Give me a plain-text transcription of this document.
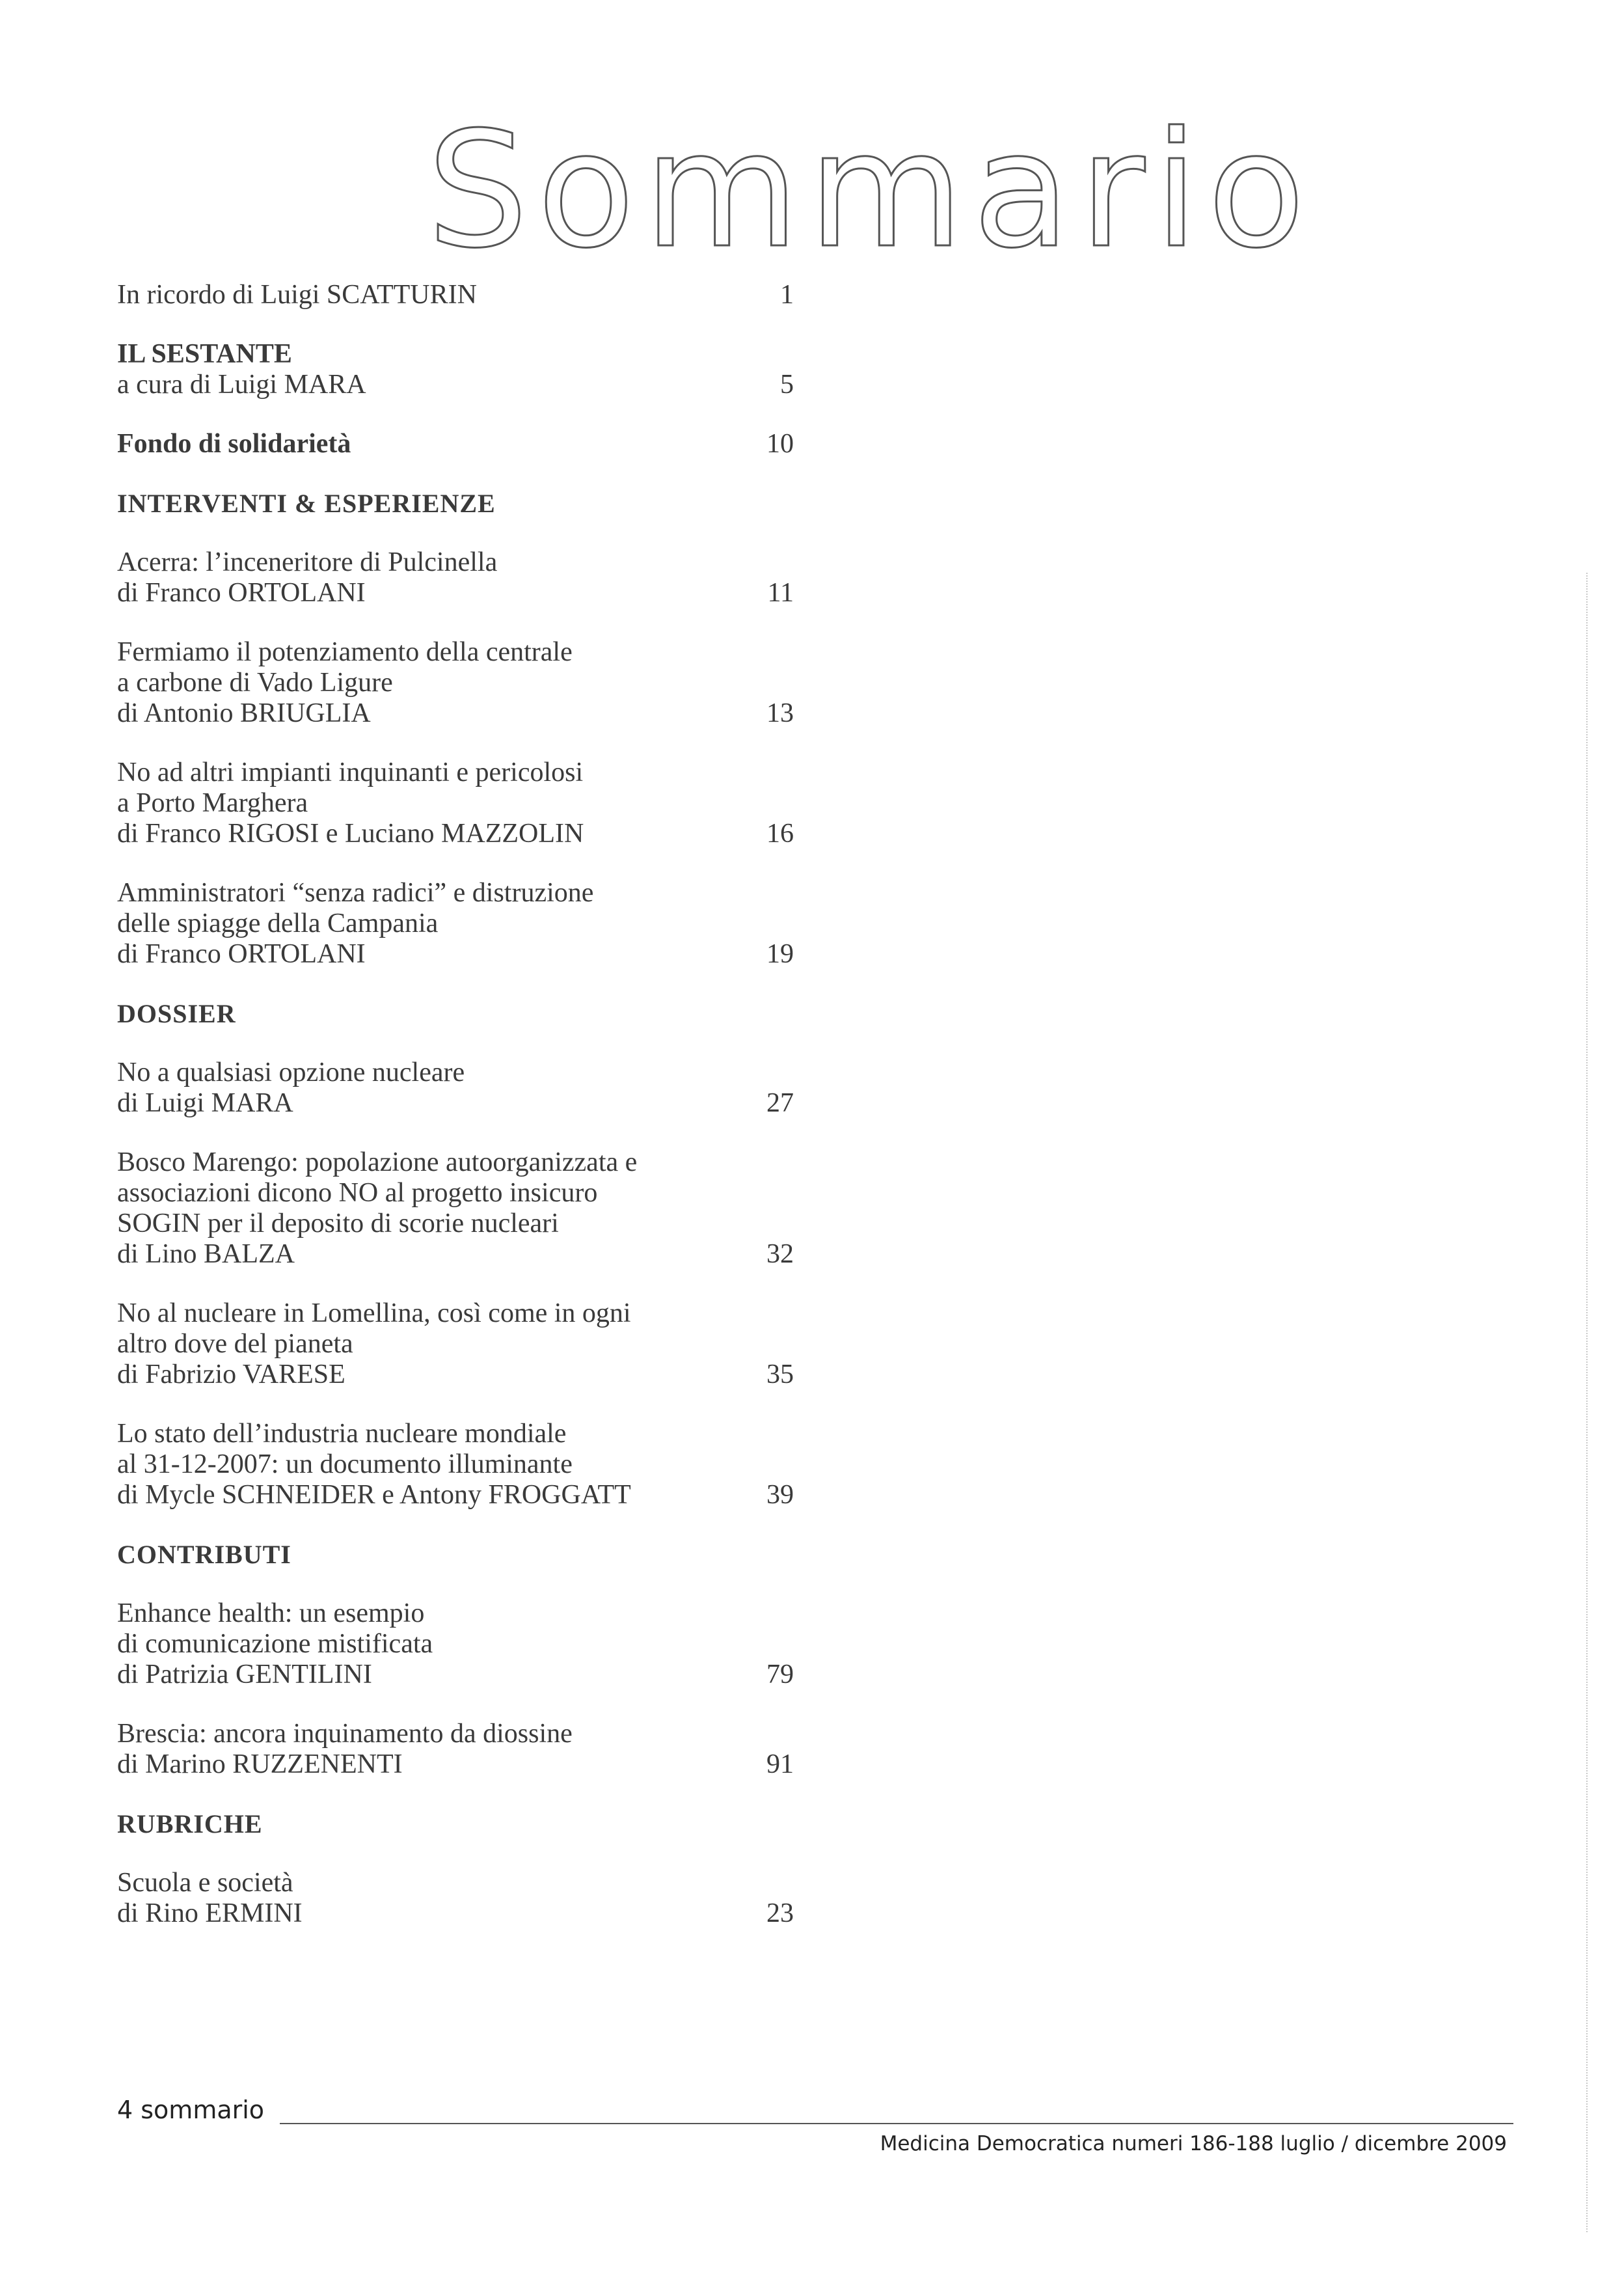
Sommario
In ricordo di Luigi SCATTURIN	1
IL SESTANTE
a cura di Luigi MARA	5
Fondo di solidarietà	10
INTERVENTI & ESPERIENZE
Acerra: l’inceneritore di Pulcinella
di Franco ORTOLANI	11
Fermiamo il potenziamento della centrale
a carbone di Vado Ligure
di Antonio BRIUGLIA	13
No ad altri impianti inquinanti e pericolosi
a Porto Marghera
di Franco RIGOSI e Luciano MAZZOLIN	16
Amministratori “senza radici” e distruzione
delle spiagge della Campania
di Franco ORTOLANI	19
DOSSIER
No a qualsiasi opzione nucleare
di Luigi MARA	27
Bosco Marengo: popolazione autoorganizzata e
associazioni dicono NO al progetto insicuro
SOGIN per il deposito di scorie nucleari
di Lino BALZA	32
No al nucleare in Lomellina, così come in ogni
altro dove del pianeta
di Fabrizio VARESE	35
Lo stato dell’industria nucleare mondiale
al 31-12-2007: un documento illuminante
di Mycle SCHNEIDER e Antony FROGGATT	39
CONTRIBUTI
Enhance health: un esempio
di comunicazione mistificata
di Patrizia GENTILINI	79
Brescia: ancora inquinamento da diossine
di Marino RUZZENENTI	91
RUBRICHE
Scuola e società
di Rino ERMINI	23
4 sommario
Medicina Democratica numeri 186-188 luglio / dicembre 2009
